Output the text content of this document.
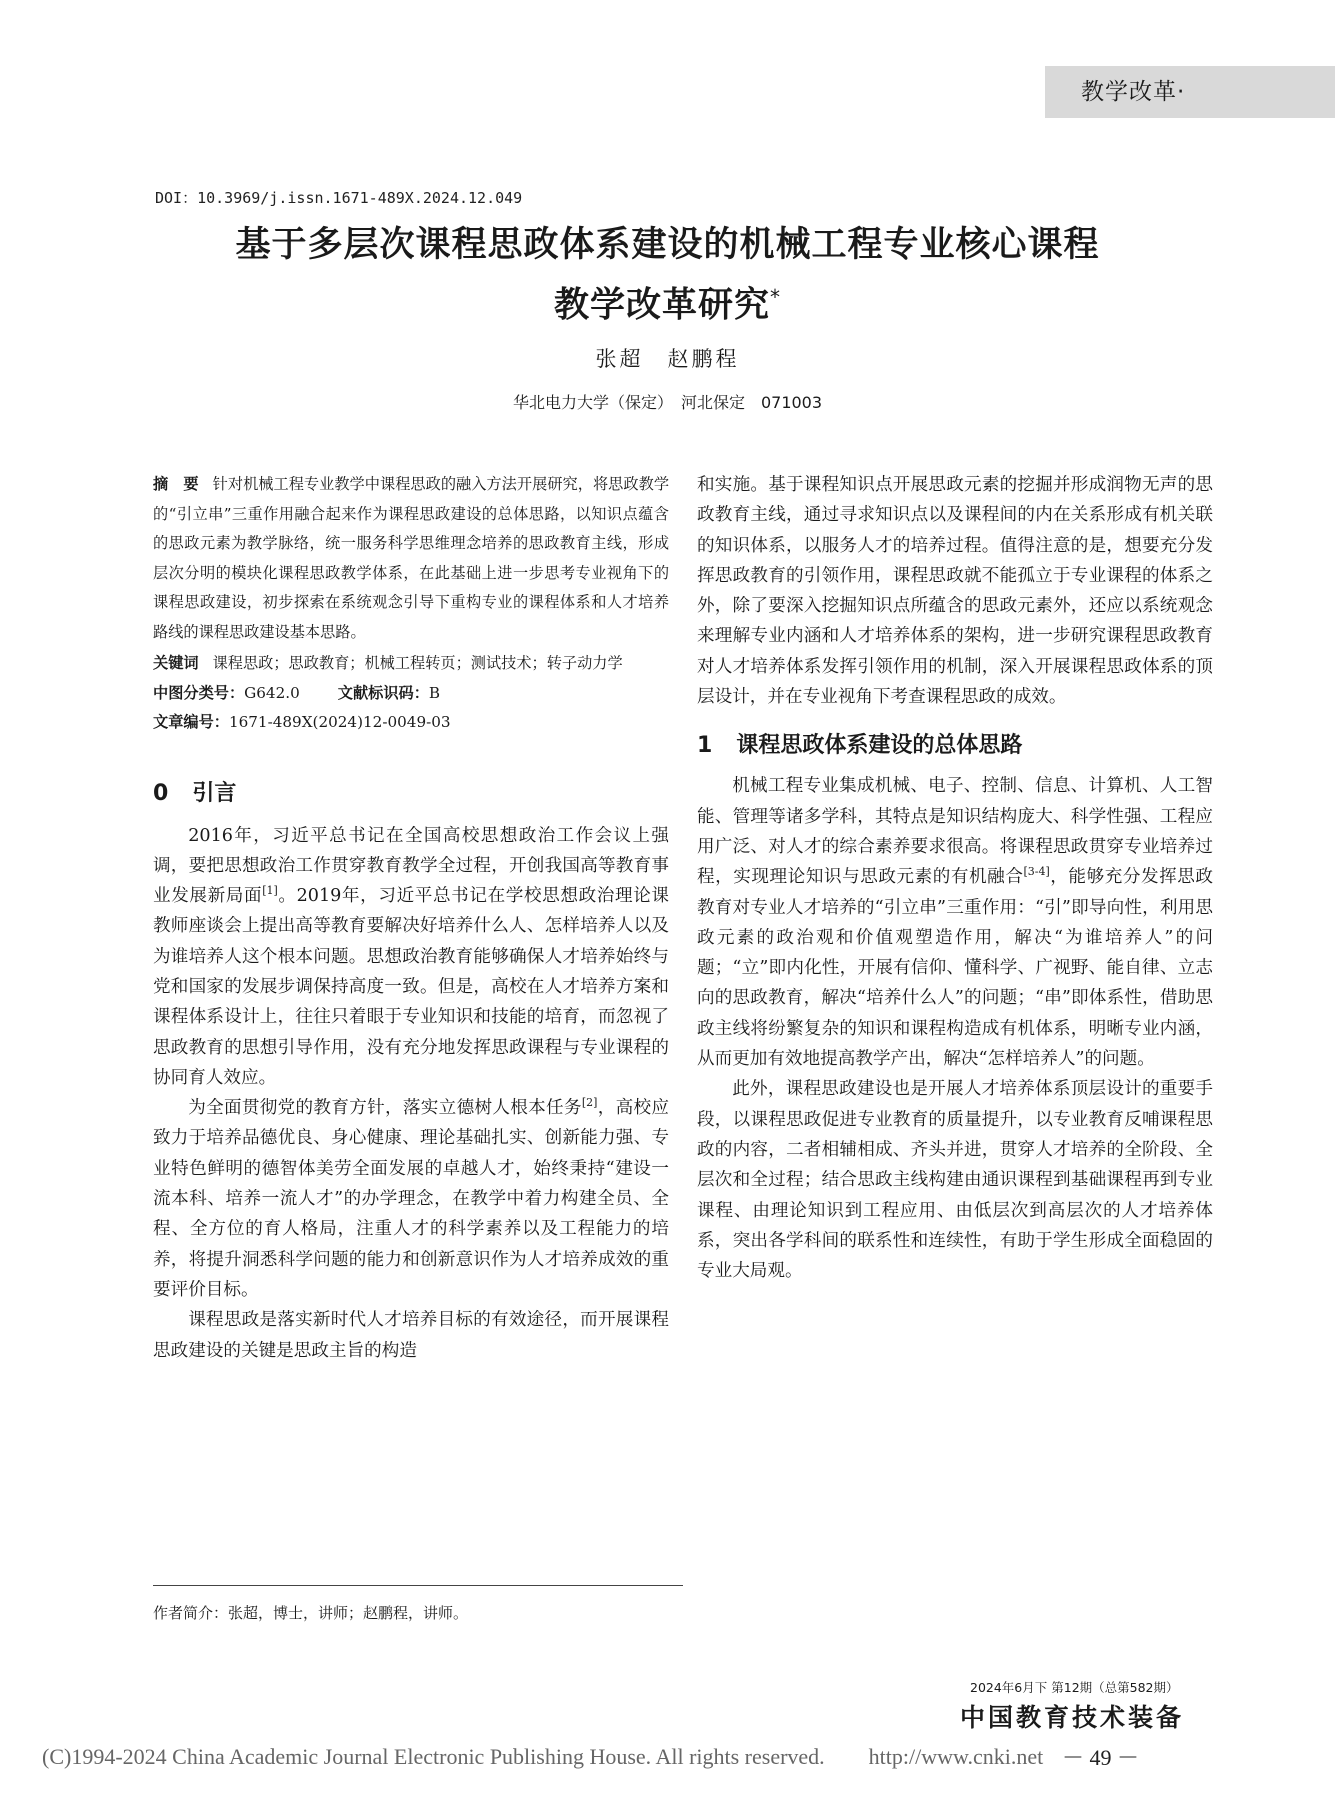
教学改革·
DOI：10.3969/j.issn.1671-489X.2024.12.049
基于多层次课程思政体系建设的机械工程专业核心课程
教学改革研究*
张超　赵鹏程
华北电力大学（保定）　河北保定　071003

摘　要 针对机械工程专业教学中课程思政的融入方法开展研究，将思政教学的“引立串”三重作用融合起来作为课程思政建设的总体思路，以知识点蕴含的思政元素为教学脉络，统一服务科学思维理念培养的思政教育主线，形成层次分明的模块化课程思政教学体系，在此基础上进一步思考专业视角下的课程思政建设，初步探索在系统观念引导下重构专业的课程体系和人才培养路线的课程思政建设基本思路。

关键词 课程思政；思政教育；机械工程转页；测试技术；转子动力学

中图分类号：G642.0	文献标识码：B

文章编号：1671-489X(2024)12-0049-03

0 引言

2016年，习近平总书记在全国高校思想政治工作会议上强调，要把思想政治工作贯穿教育教学全过程，开创我国高等教育事业发展新局面[1]。2019年，习近平总书记在学校思想政治理论课教师座谈会上提出高等教育要解决好培养什么人、怎样培养人以及为谁培养人这个根本问题。思想政治教育能够确保人才培养始终与党和国家的发展步调保持高度一致。但是，高校在人才培养方案和课程体系设计上，往往只着眼于专业知识和技能的培育，而忽视了思政教育的思想引导作用，没有充分地发挥思政课程与专业课程的协同育人效应。

为全面贯彻党的教育方针，落实立德树人根本任务[2]，高校应致力于培养品德优良、身心健康、理论基础扎实、创新能力强、专业特色鲜明的德智体美劳全面发展的卓越人才，始终秉持“建设一流本科、培养一流人才”的办学理念，在教学中着力构建全员、全程、全方位的育人格局，注重人才的科学素养以及工程能力的培养，将提升洞悉科学问题的能力和创新意识作为人才培养成效的重要评价目标。

课程思政是落实新时代人才培养目标的有效途径，而开展课程思政建设的关键是思政主旨的构造

和实施。基于课程知识点开展思政元素的挖掘并形成润物无声的思政教育主线，通过寻求知识点以及课程间的内在关系形成有机关联的知识体系，以服务人才的培养过程。值得注意的是，想要充分发挥思政教育的引领作用，课程思政就不能孤立于专业课程的体系之外，除了要深入挖掘知识点所蕴含的思政元素外，还应以系统观念来理解专业内涵和人才培养体系的架构，进一步研究课程思政教育对人才培养体系发挥引领作用的机制，深入开展课程思政体系的顶层设计，并在专业视角下考查课程思政的成效。

1 课程思政体系建设的总体思路

机械工程专业集成机械、电子、控制、信息、计算机、人工智能、管理等诸多学科，其特点是知识结构庞大、科学性强、工程应用广泛、对人才的综合素养要求很高。将课程思政贯穿专业培养过程，实现理论知识与思政元素的有机融合[3-4]，能够充分发挥思政教育对专业人才培养的“引立串”三重作用：“引”即导向性，利用思政元素的政治观和价值观塑造作用，解决“为谁培养人”的问题；“立”即内化性，开展有信仰、懂科学、广视野、能自律、立志向的思政教育，解决“培养什么人”的问题；“串”即体系性，借助思政主线将纷繁复杂的知识和课程构造成有机体系，明晰专业内涵，从而更加有效地提高教学产出，解决“怎样培养人”的问题。

此外，课程思政建设也是开展人才培养体系顶层设计的重要手段，以课程思政促进专业教育的质量提升，以专业教育反哺课程思政的内容，二者相辅相成、齐头并进，贯穿人才培养的全阶段、全层次和全过程；结合思政主线构建由通识课程到基础课程再到专业课程、由理论知识到工程应用、由低层次到高层次的人才培养体系，突出各学科间的联系性和连续性，有助于学生形成全面稳固的专业大局观。

作者简介：张超，博士，讲师；赵鹏程，讲师。
2024年6月下 第12期（总第582期）
中国教育技术装备
(C)1994-2024 China Academic Journal Electronic Publishing House. All rights reserved.　　http://www.cnki.net － 49 －
